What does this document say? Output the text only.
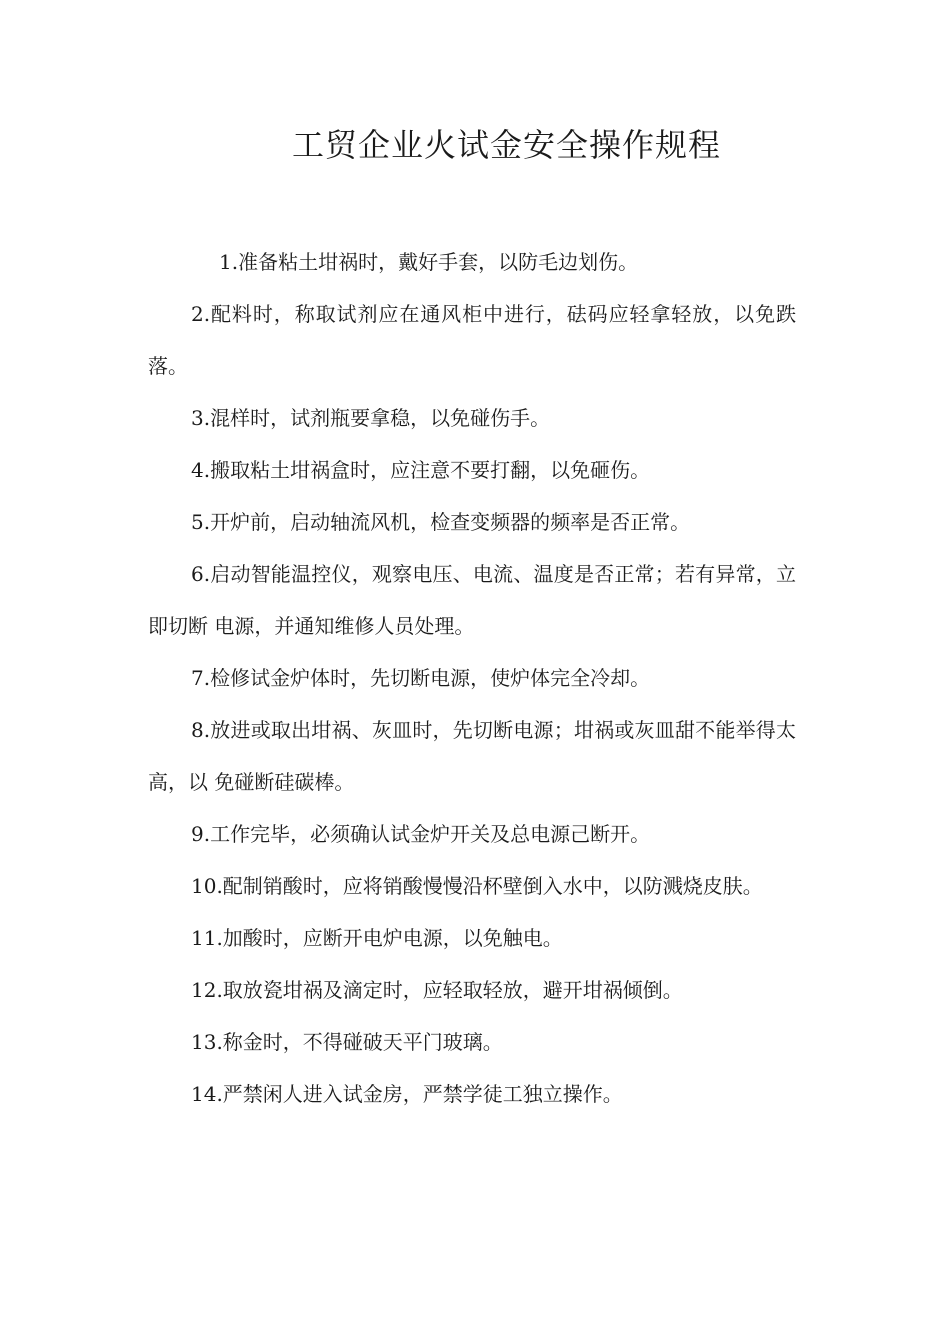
工贸企业火试金安全操作规程

1.准备粘土坩祸时，戴好手套，以防毛边划伤。

2.配料时，称取试剂应在通风柜中进行，砝码应轻拿轻放，以免跌落。

3.混样时，试剂瓶要拿稳，以免碰伤手。

4.搬取粘土坩祸盒时，应注意不要打翻，以免砸伤。

5.开炉前，启动轴流风机，检查变频器的频率是否正常。

6.启动智能温控仪，观察电压、电流、温度是否正常；若有异常，立即切断 电源，并通知维修人员处理。

7.检修试金炉体时，先切断电源，使炉体完全冷却。

8.放进或取出坩祸、灰皿时，先切断电源；坩祸或灰皿甜不能举得太高，以 免碰断硅碳棒。

9.工作完毕，必须确认试金炉开关及总电源己断开。

10.配制销酸时，应将销酸慢慢沿杯壁倒入水中，以防溅烧皮肤。

11.加酸时，应断开电炉电源，以免触电。

12.取放瓷坩祸及滴定时，应轻取轻放，避开坩祸倾倒。

13.称金时，不得碰破天平门玻璃。

14.严禁闲人进入试金房，严禁学徒工独立操作。
